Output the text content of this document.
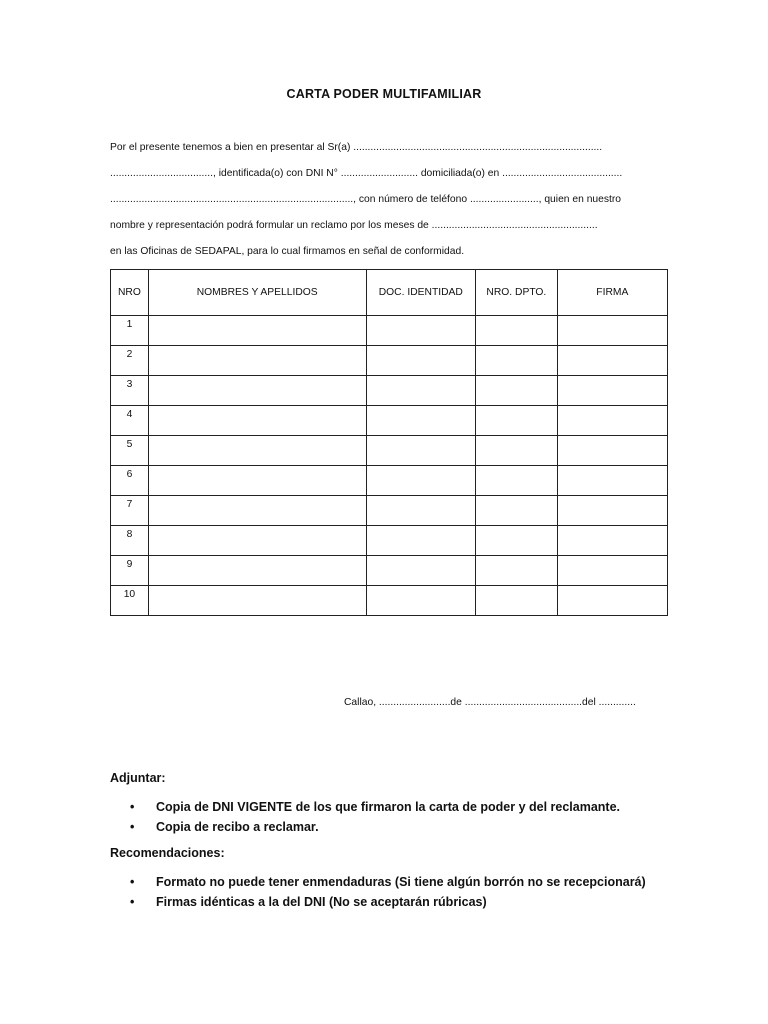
CARTA PODER MULTIFAMILIAR
Por el presente tenemos a bien en presentar al Sr(a) .......................................................................................
...................................., identificada(o) con DNI N° ........................... domiciliada(o) en ..........................................
....................................................................................., con número de teléfono ........................, quien en nuestro
nombre y representación podrá formular un reclamo por los meses de ..........................................................
en las Oficinas de SEDAPAL, para lo cual firmamos en señal de conformidad.
NRO	NOMBRES Y APELLIDOS	DOC. IDENTIDAD	NRO. DPTO.	FIRMA
1				
2				
3				
4				
5				
6				
7				
8				
9				
10				
Callao, .........................de .........................................del .............
Adjuntar:
• Copia de DNI VIGENTE de los que firmaron la carta de poder y del reclamante.
• Copia de recibo a reclamar.
Recomendaciones:
• Formato no puede tener enmendaduras (Si tiene algún borrón no se recepcionará)
• Firmas idénticas a la del DNI (No se aceptarán rúbricas)
